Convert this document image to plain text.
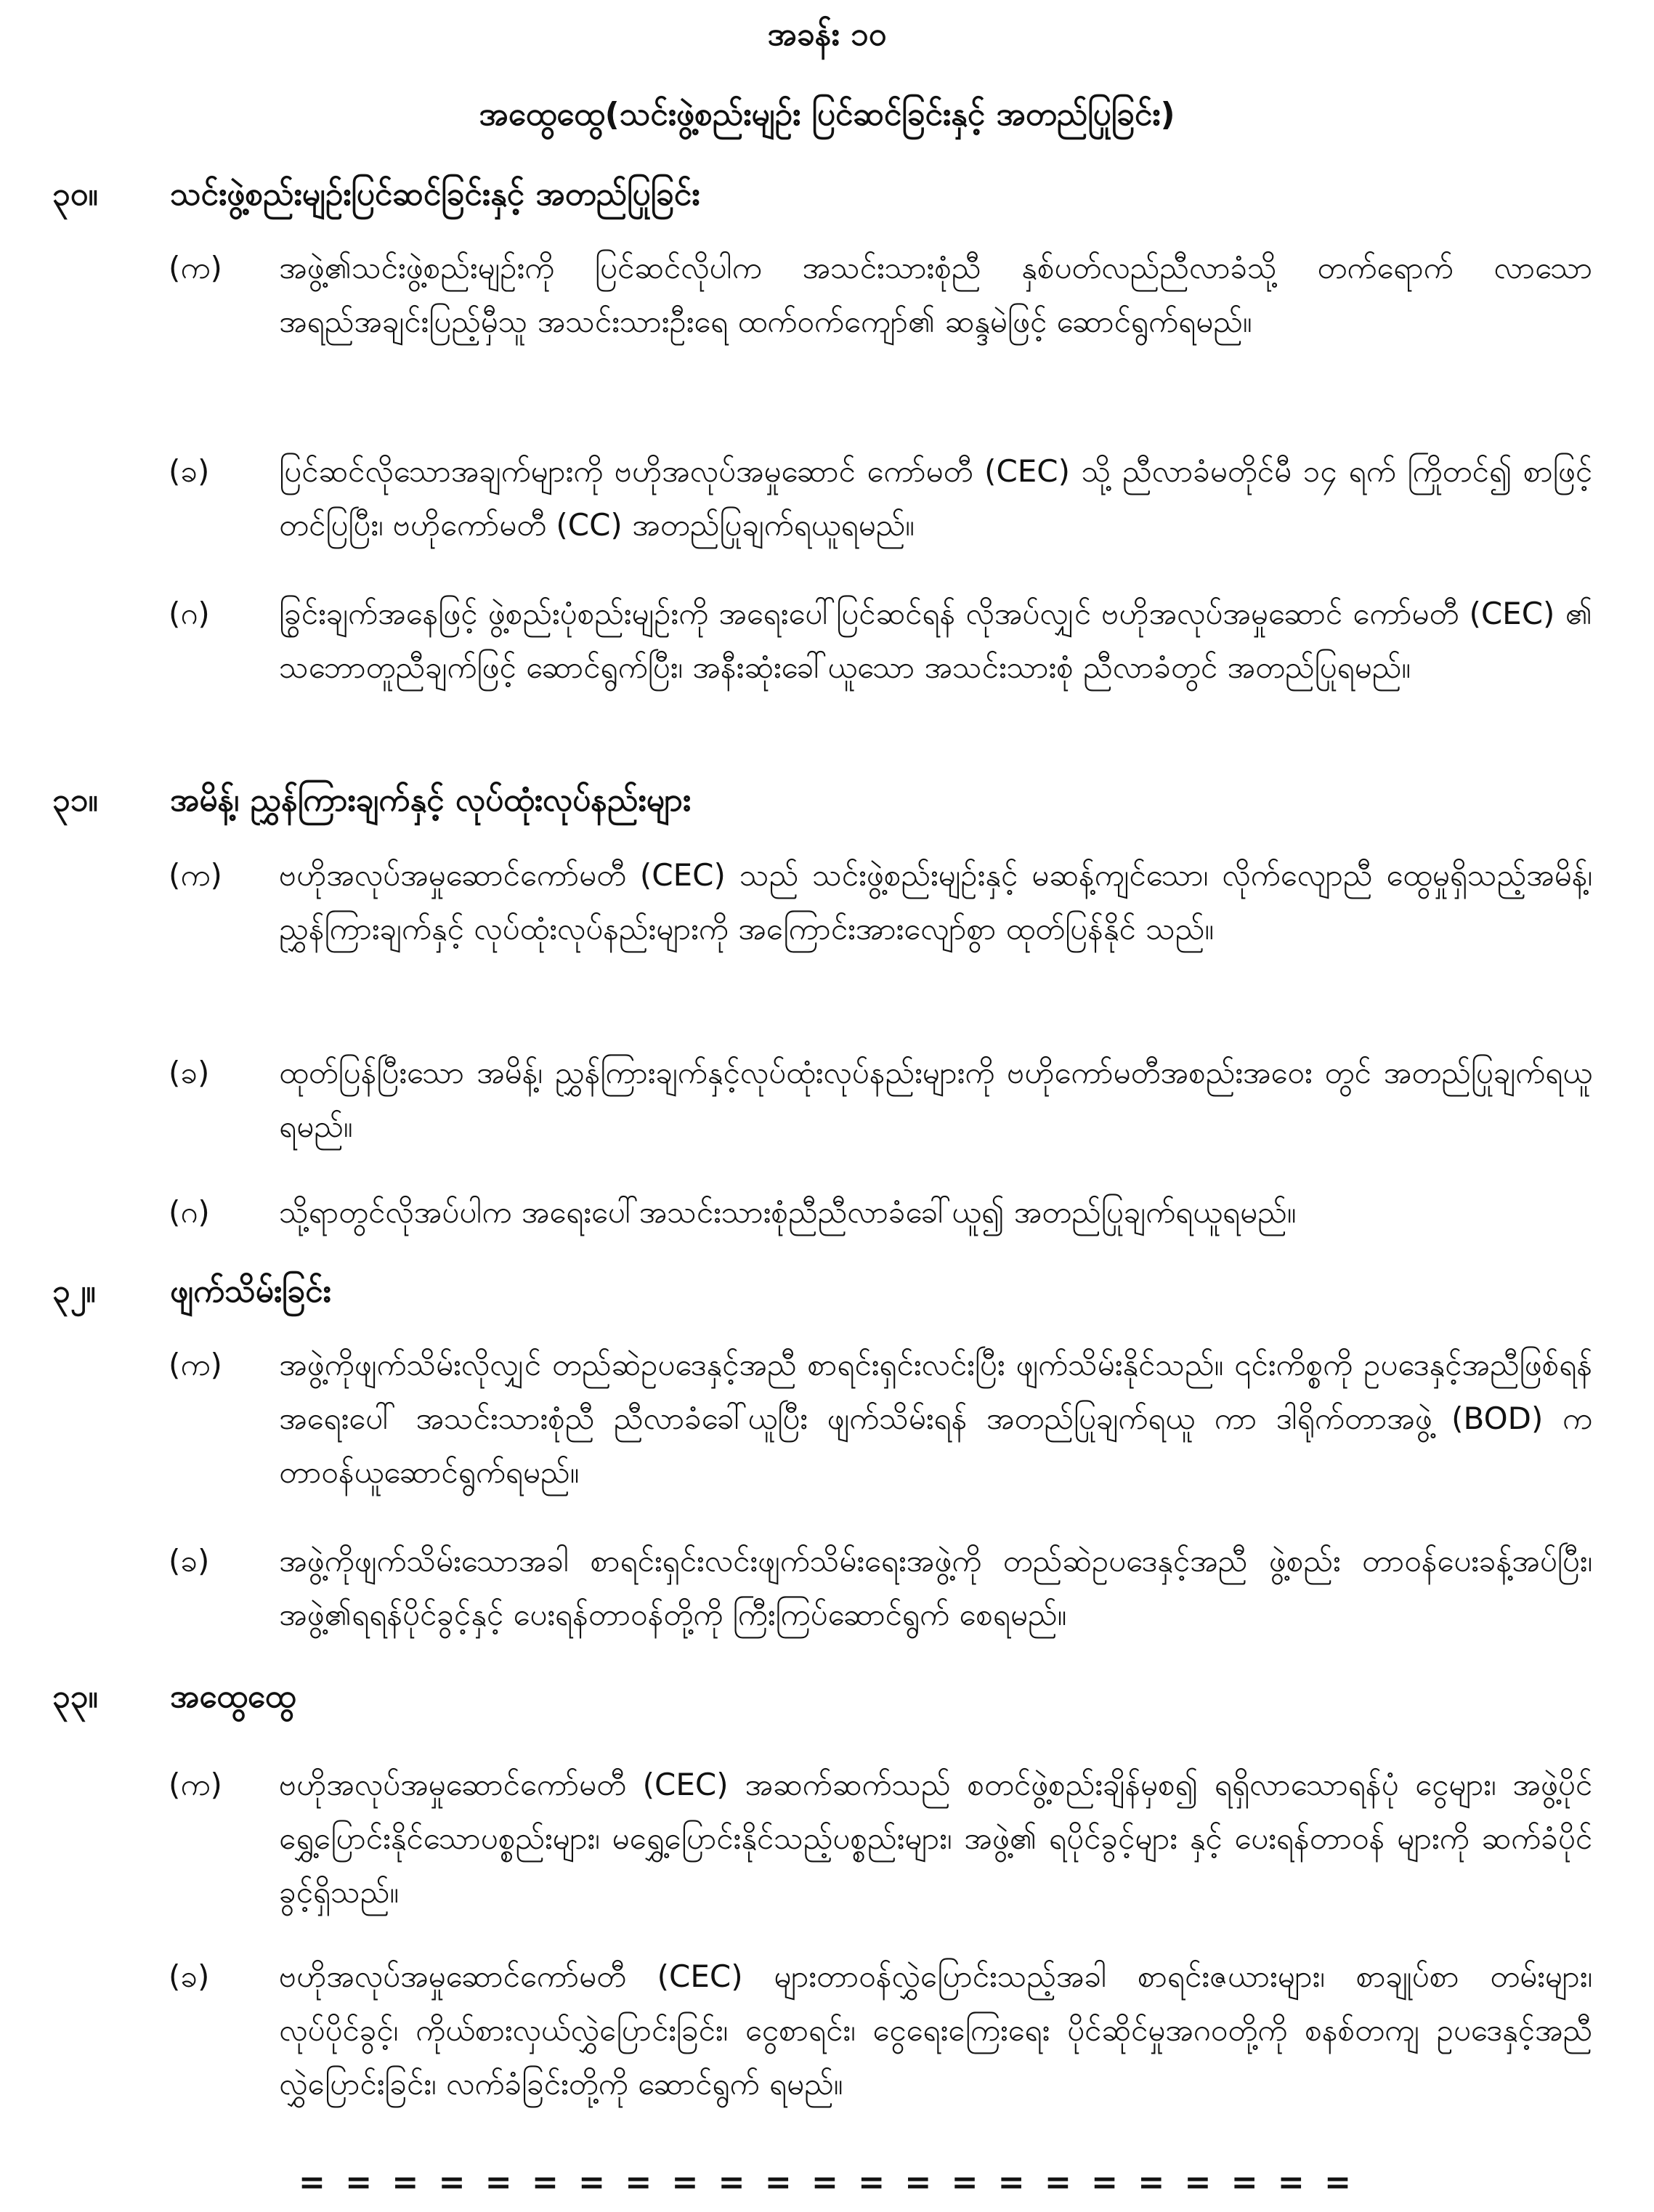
အခန်း ၁၀
အထွေထွေ(သင်းဖွဲ့စည်းမျဉ်း ပြင်ဆင်ခြင်းနှင့် အတည်ပြုခြင်း)
၃၀။ သင်းဖွဲ့စည်းမျဉ်းပြင်ဆင်ခြင်းနှင့် အတည်ပြုခြင်း
(က)	အဖွဲ့၏သင်းဖွဲ့စည်းမျဉ်းကို ပြင်ဆင်လိုပါက အသင်းသားစုံညီ နှစ်ပတ်လည်ညီလာခံသို့ တက်ရောက် လာသော အရည်အချင်းပြည့်မှီသူ အသင်းသားဦးရေ ထက်ဝက်ကျော်၏ ဆန္ဒမဲဖြင့် ဆောင်ရွက်ရမည်။
(ခ)	ပြင်ဆင်လိုသောအချက်များကို ဗဟိုအလုပ်အမှုဆောင် ကော်မတီ (CEC) သို့ ညီလာခံမတိုင်မီ ၁၄ ရက် ကြိုတင်၍ စာဖြင့်တင်ပြပြီး၊ ဗဟိုကော်မတီ (CC) အတည်ပြုချက်ရယူရမည်။
(ဂ)	ခြွင်းချက်အနေဖြင့် ဖွဲ့စည်းပုံစည်းမျဉ်းကို အရေးပေါ်ပြင်ဆင်ရန် လိုအပ်လျှင် ဗဟိုအလုပ်အမှုဆောင် ကော်မတီ (CEC) ၏ သဘောတူညီချက်ဖြင့် ဆောင်ရွက်ပြီး၊ အနီးဆုံးခေါ်ယူသော အသင်းသားစုံ ညီလာခံတွင် အတည်ပြုရမည်။
၃၁။ အမိန့်၊ ညွှန်ကြားချက်နှင့် လုပ်ထုံးလုပ်နည်းများ
(က)	ဗဟိုအလုပ်အမှုဆောင်ကော်မတီ (CEC) သည် သင်းဖွဲ့စည်းမျဉ်းနှင့် မဆန့်ကျင်သော၊ လိုက်လျောညီ ထွေမှုရှိသည့်အမိန့်၊ ညွှန်ကြားချက်နှင့် လုပ်ထုံးလုပ်နည်းများကို အကြောင်းအားလျော်စွာ ထုတ်ပြန်နိုင် သည်။
(ခ)	ထုတ်ပြန်ပြီးသော အမိန့်၊ ညွှန်ကြားချက်နှင့်လုပ်ထုံးလုပ်နည်းများကို ဗဟိုကော်မတီအစည်းအဝေး တွင် အတည်ပြုချက်ရယူရမည်။
(ဂ)	သို့ရာတွင်လိုအပ်ပါက အရေးပေါ်အသင်းသားစုံညီညီလာခံခေါ်ယူ၍ အတည်ပြုချက်ရယူရမည်။
၃၂။ ဖျက်သိမ်းခြင်း
(က)	အဖွဲ့ကိုဖျက်သိမ်းလိုလျှင် တည်ဆဲဥပဒေနှင့်အညီ စာရင်းရှင်းလင်းပြီး ဖျက်သိမ်းနိုင်သည်။ ၎င်းကိစ္စကို ဥပဒေနှင့်အညီဖြစ်ရန် အရေးပေါ် အသင်းသားစုံညီ ညီလာခံခေါ်ယူပြီး ဖျက်သိမ်းရန် အတည်ပြုချက်ရယူ ကာ ဒါရိုက်တာအဖွဲ့ (BOD) က တာဝန်ယူဆောင်ရွက်ရမည်။
(ခ)	အဖွဲ့ကိုဖျက်သိမ်းသောအခါ စာရင်းရှင်းလင်းဖျက်သိမ်းရေးအဖွဲ့ကို တည်ဆဲဥပဒေနှင့်အညီ ဖွဲ့စည်း တာဝန်ပေးခန့်အပ်ပြီး၊ အဖွဲ့၏ရရန်ပိုင်ခွင့်နှင့် ပေးရန်တာဝန်တို့ကို ကြီးကြပ်ဆောင်ရွက် စေရမည်။
၃၃။ အထွေထွေ
(က)	ဗဟိုအလုပ်အမှုဆောင်ကော်မတီ (CEC) အဆက်ဆက်သည် စတင်ဖွဲ့စည်းချိန်မှစ၍ ရရှိလာသောရန်ပုံ ငွေများ၊ အဖွဲ့ပိုင်ရွှေ့ပြောင်းနိုင်သောပစ္စည်းများ၊ မရွှေ့ပြောင်းနိုင်သည့်ပစ္စည်းများ၊ အဖွဲ့၏ ရပိုင်ခွင့်များ နှင့် ပေးရန်တာဝန် များကို ဆက်ခံပိုင်ခွင့်ရှိသည်။
(ခ)	ဗဟိုအလုပ်အမှုဆောင်ကော်မတီ (CEC) များတာဝန်လွှဲပြောင်းသည့်အခါ စာရင်းဇယားများ၊ စာချုပ်စာ တမ်းများ၊ လုပ်ပိုင်ခွင့်၊ ကိုယ်စားလှယ်လွှဲပြောင်းခြင်း၊ ငွေစာရင်း၊ ငွေရေးကြေးရေး ပိုင်ဆိုင်မှုအဂဝတို့ကို စနစ်တကျ ဥပဒေနှင့်အညီ လွှဲပြောင်းခြင်း၊ လက်ခံခြင်းတို့ကို ဆောင်ရွက် ရမည်။
= = = = = = = = = = = = = = = = = = = = = = =
